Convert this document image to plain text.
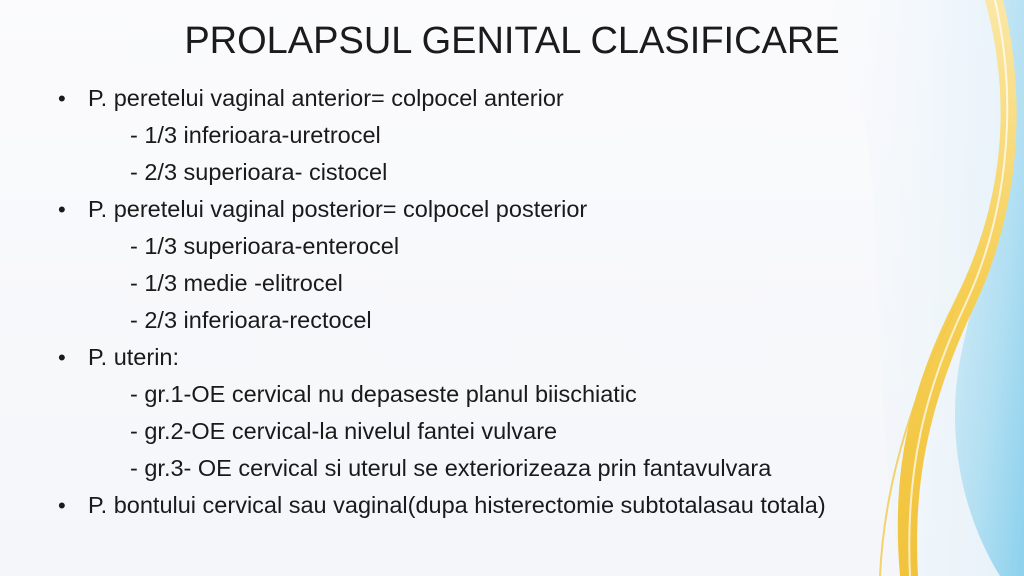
PROLAPSUL GENITAL CLASIFICARE
• P. peretelui vaginal anterior= colpocel anterior
- 1/3 inferioara-uretrocel
- 2/3 superioara- cistocel
• P. peretelui vaginal posterior= colpocel posterior
- 1/3 superioara-enterocel
- 1/3 medie -elitrocel
- 2/3 inferioara-rectocel
• P. uterin:
- gr.1-OE cervical nu depaseste planul biischiatic
- gr.2-OE cervical-la nivelul fantei vulvare
- gr.3- OE cervical si uterul se exteriorizeaza prin fantavulvara
• P. bontului cervical sau vaginal(dupa histerectomie subtotalasau totala)
